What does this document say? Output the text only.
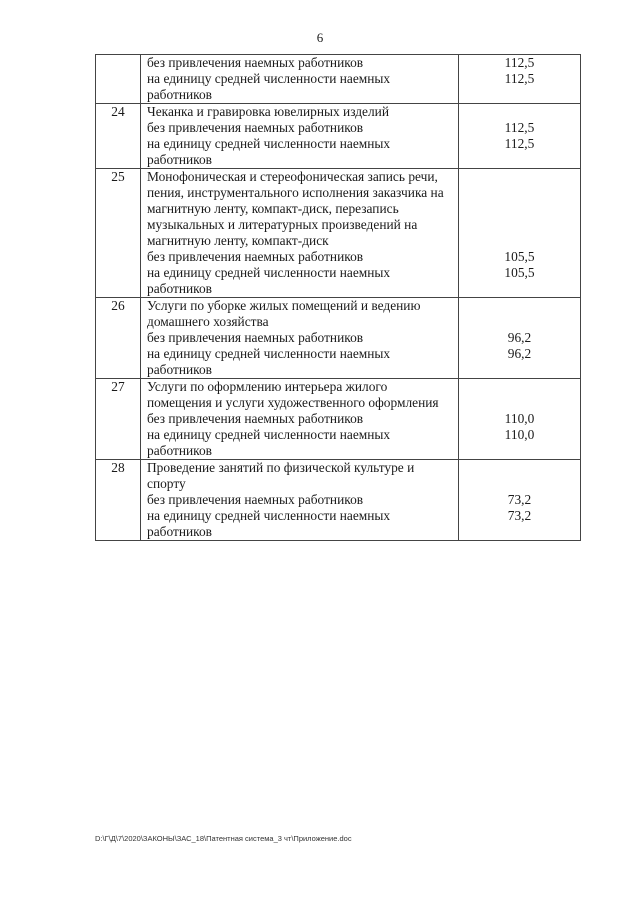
6
	без привлечения наемных работников	112,5
	на единицу средней численности наемных работников	112,5
24	Чеканка и гравировка ювелирных изделий	
	без привлечения наемных работников	112,5
	на единицу средней численности наемных работников	112,5
25	Монофоническая и стереофоническая запись речи, пения, инструментального исполнения заказчика на магнитную ленту, компакт-диск, перезапись музыкальных и литературных произведений на магнитную ленту, компакт-диск	
	без привлечения наемных работников	105,5
	на единицу средней численности наемных работников	105,5
26	Услуги по уборке жилых помещений и ведению домашнего хозяйства	
	без привлечения наемных работников	96,2
	на единицу средней численности наемных работников	96,2
27	Услуги по оформлению интерьера жилого помещения и услуги художественного оформления	
	без привлечения наемных работников	110,0
	на единицу средней численности наемных работников	110,0
28	Проведение занятий по физической культуре и спорту	
	без привлечения наемных работников	73,2
	на единицу средней численности наемных работников	73,2
D:\Г\Д\7\2020\ЗАКОНЫ\ЗАС_18\Патентная система_3 чт\Приложение.doc
